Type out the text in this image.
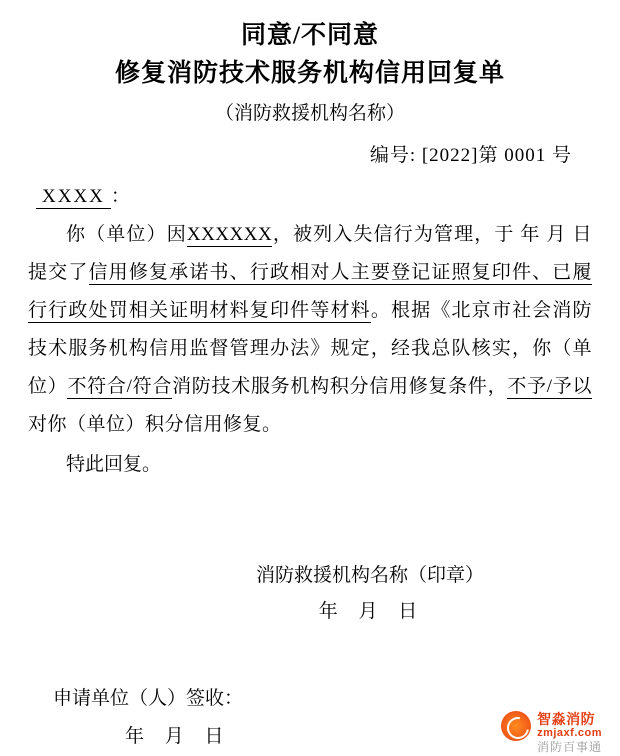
同意/不同意
修复消防技术服务机构信用回复单
（消防救援机构名称）
编号: [2022]第 0001 号
XXXX ：

你（单位）因XXXXXX，被列入失信行为管理，于 年 月 日提交了信用修复承诺书、行政相对人主要登记证照复印件、已履行行政处罚相关证明材料复印件等材料。根据《北京市社会消防技术服务机构信用监督管理办法》规定，经我总队核实，你（单位）不符合/符合消防技术服务机构积分信用修复条件，不予/予以对你（单位）积分信用修复。

特此回复。
消防救援机构名称（印章）
年 月 日
申请单位（人）签收：
年 月 日
智淼消防
zmjaxf.com
消防百事通
